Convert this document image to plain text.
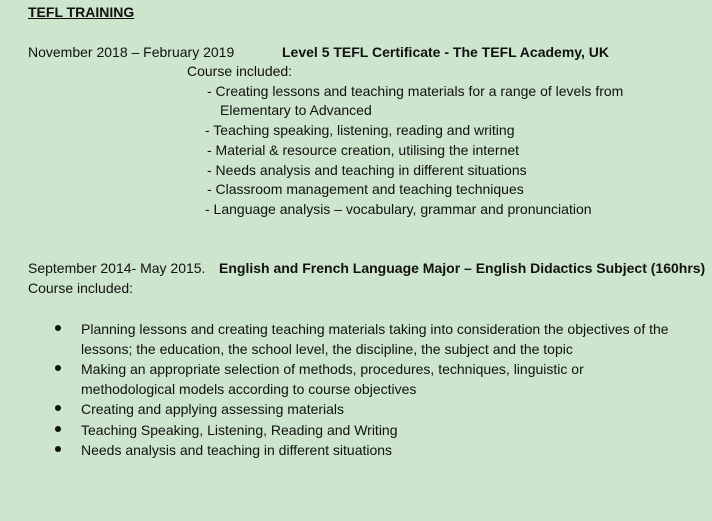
TEFL TRAINING
November 2018 – February 2019	Level 5 TEFL Certificate - The TEFL Academy, UK
Course included:
- Creating lessons and teaching materials for a range of levels from
Elementary to Advanced
- Teaching speaking, listening, reading and writing
- Material & resource creation, utilising the internet
- Needs analysis and teaching in different situations
- Classroom management and teaching techniques
- Language analysis – vocabulary, grammar and pronunciation
September 2014- May 2015. English and French Language Major – English Didactics Subject (160hrs)
Course included:
Planning lessons and creating teaching materials taking into consideration the objectives of the
lessons; the education, the school level, the discipline, the subject and the topic
Making an appropriate selection of methods, procedures, techniques, linguistic or
methodological models according to course objectives
Creating and applying assessing materials
Teaching Speaking, Listening, Reading and Writing
Needs analysis and teaching in different situations
